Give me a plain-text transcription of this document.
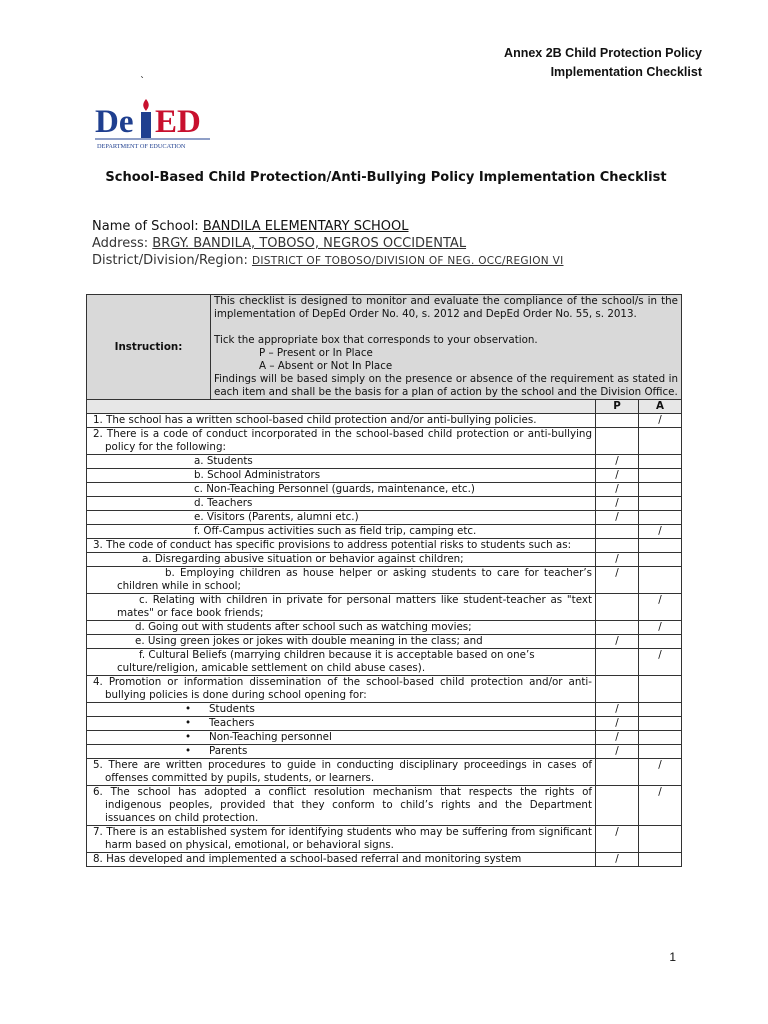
Annex 2B Child Protection Policy
Implementation Checklist
`
De ED
DEPARTMENT OF EDUCATION
School-Based Child Protection/Anti-Bullying Policy Implementation Checklist
Name of School: BANDILA ELEMENTARY SCHOOL
Address: BRGY. BANDILA, TOBOSO, NEGROS OCCIDENTAL
District/Division/Region: DISTRICT OF TOBOSO/DIVISION OF NEG. OCC/REGION VI
Instruction:	This checklist is designed to monitor and evaluate the compliance of the school/s in the implementation of DepEd Order No. 40, s. 2012 and DepEd Order No. 55, s. 2013.
Tick the appropriate box that corresponds to your observation.
P – Present or In Place
A – Absent or Not In Place
Findings will be based simply on the presence or absence of the requirement as stated in each item and shall be the basis for a plan of action by the school and the Division Office.		

		P	A
1. The school has a written school-based child protection and/or anti-bullying policies.			/
2. There is a code of conduct incorporated in the school-based child protection or anti-bullying policy for the following:			
a. Students		/	
b. School Administrators		/	
c. Non-Teaching Personnel (guards, maintenance, etc.)		/	
d. Teachers		/	
e. Visitors (Parents, alumni etc.)		/	
f. Off-Campus activities such as field trip, camping etc.			/
3. The code of conduct has specific provisions to address potential risks to students such as:			
a. Disregarding abusive situation or behavior against children;		/	
b. Employing children as house helper or asking students to care for teacher’s children while in school;		/	
c. Relating with children in private for personal matters like student-teacher as "text mates" or face book friends;			/
d. Going out with students after school such as watching movies;			/
e. Using green jokes or jokes with double meaning in the class; and		/	
f. Cultural Beliefs (marrying children because it is acceptable based on one’s culture/religion, amicable settlement on child abuse cases).			/
4. Promotion or information dissemination of the school-based child protection and/or anti-bullying policies is done during school opening for:			
• Students		/	
• Teachers		/	
• Non-Teaching personnel		/	
• Parents		/	
5. There are written procedures to guide in conducting disciplinary proceedings in cases of offenses committed by pupils, students, or learners.			/
6. The school has adopted a conflict resolution mechanism that respects the rights of indigenous peoples, provided that they conform to child’s rights and the Department issuances on child protection.			/
7. There is an established system for identifying students who may be suffering from significant harm based on physical, emotional, or behavioral signs.		/	
8. Has developed and implemented a school-based referral and monitoring system		/	
1
